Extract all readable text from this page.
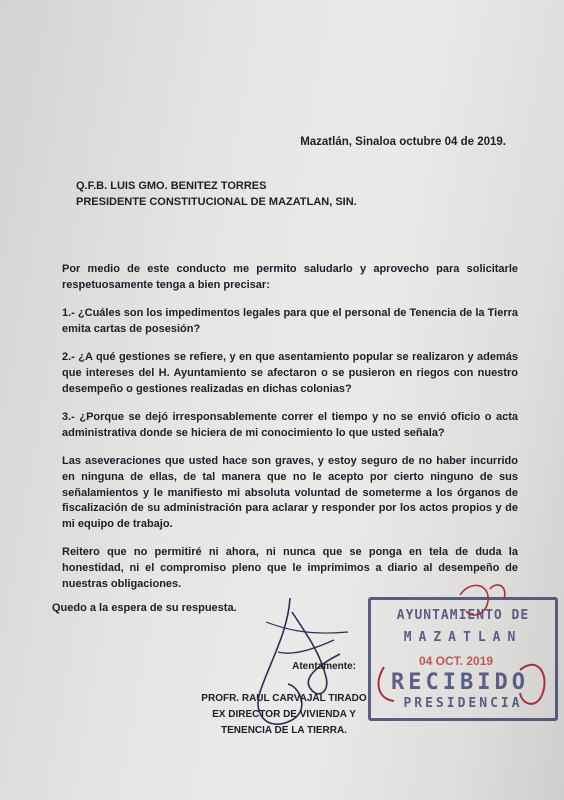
Mazatlán, Sinaloa octubre 04 de 2019.
Q.F.B. LUIS GMO. BENITEZ TORRES
PRESIDENTE CONSTITUCIONAL DE MAZATLAN, SIN.

Por medio de este conducto me permito saludarlo y aprovecho para solicitarle respetuosamente tenga a bien precisar:

1.- ¿Cuáles son los impedimentos legales para que el personal de Tenencia de la Tierra emita cartas de posesión?

2.- ¿A qué gestiones se refiere, y en que asentamiento popular se realizaron y además que intereses del H. Ayuntamiento se afectaron o se pusieron en riegos con nuestro desempeño o gestiones realizadas en dichas colonias?

3.- ¿Porque se dejó irresponsablemente correr el tiempo y no se envió oficio o acta administrativa donde se hiciera de mi conocimiento lo que usted señala?

Las aseveraciones que usted hace son graves, y estoy seguro de no haber incurrido en ninguna de ellas, de tal manera que no le acepto por cierto ninguno de sus señalamientos y le manifiesto mi absoluta voluntad de someterme a los órganos de fiscalización de su administración para aclarar y responder por los actos propios y de mi equipo de trabajo.

Reitero que no permitiré ni ahora, ni nunca que se ponga en tela de duda la honestidad, ni el compromiso pleno que le imprimimos a diario al desempeño de nuestras obligaciones.

Quedo a la espera de su respuesta.
Atentamente:
PROFR. RAUL CARVAJAL TIRADO
EX DIRECTOR DE VIVIENDA Y
TENENCIA DE LA TIERRA.
AYUNTAMIENTO DE
MAZATLAN
04 OCT. 2019
RECIBIDO
PRESIDENCIA
